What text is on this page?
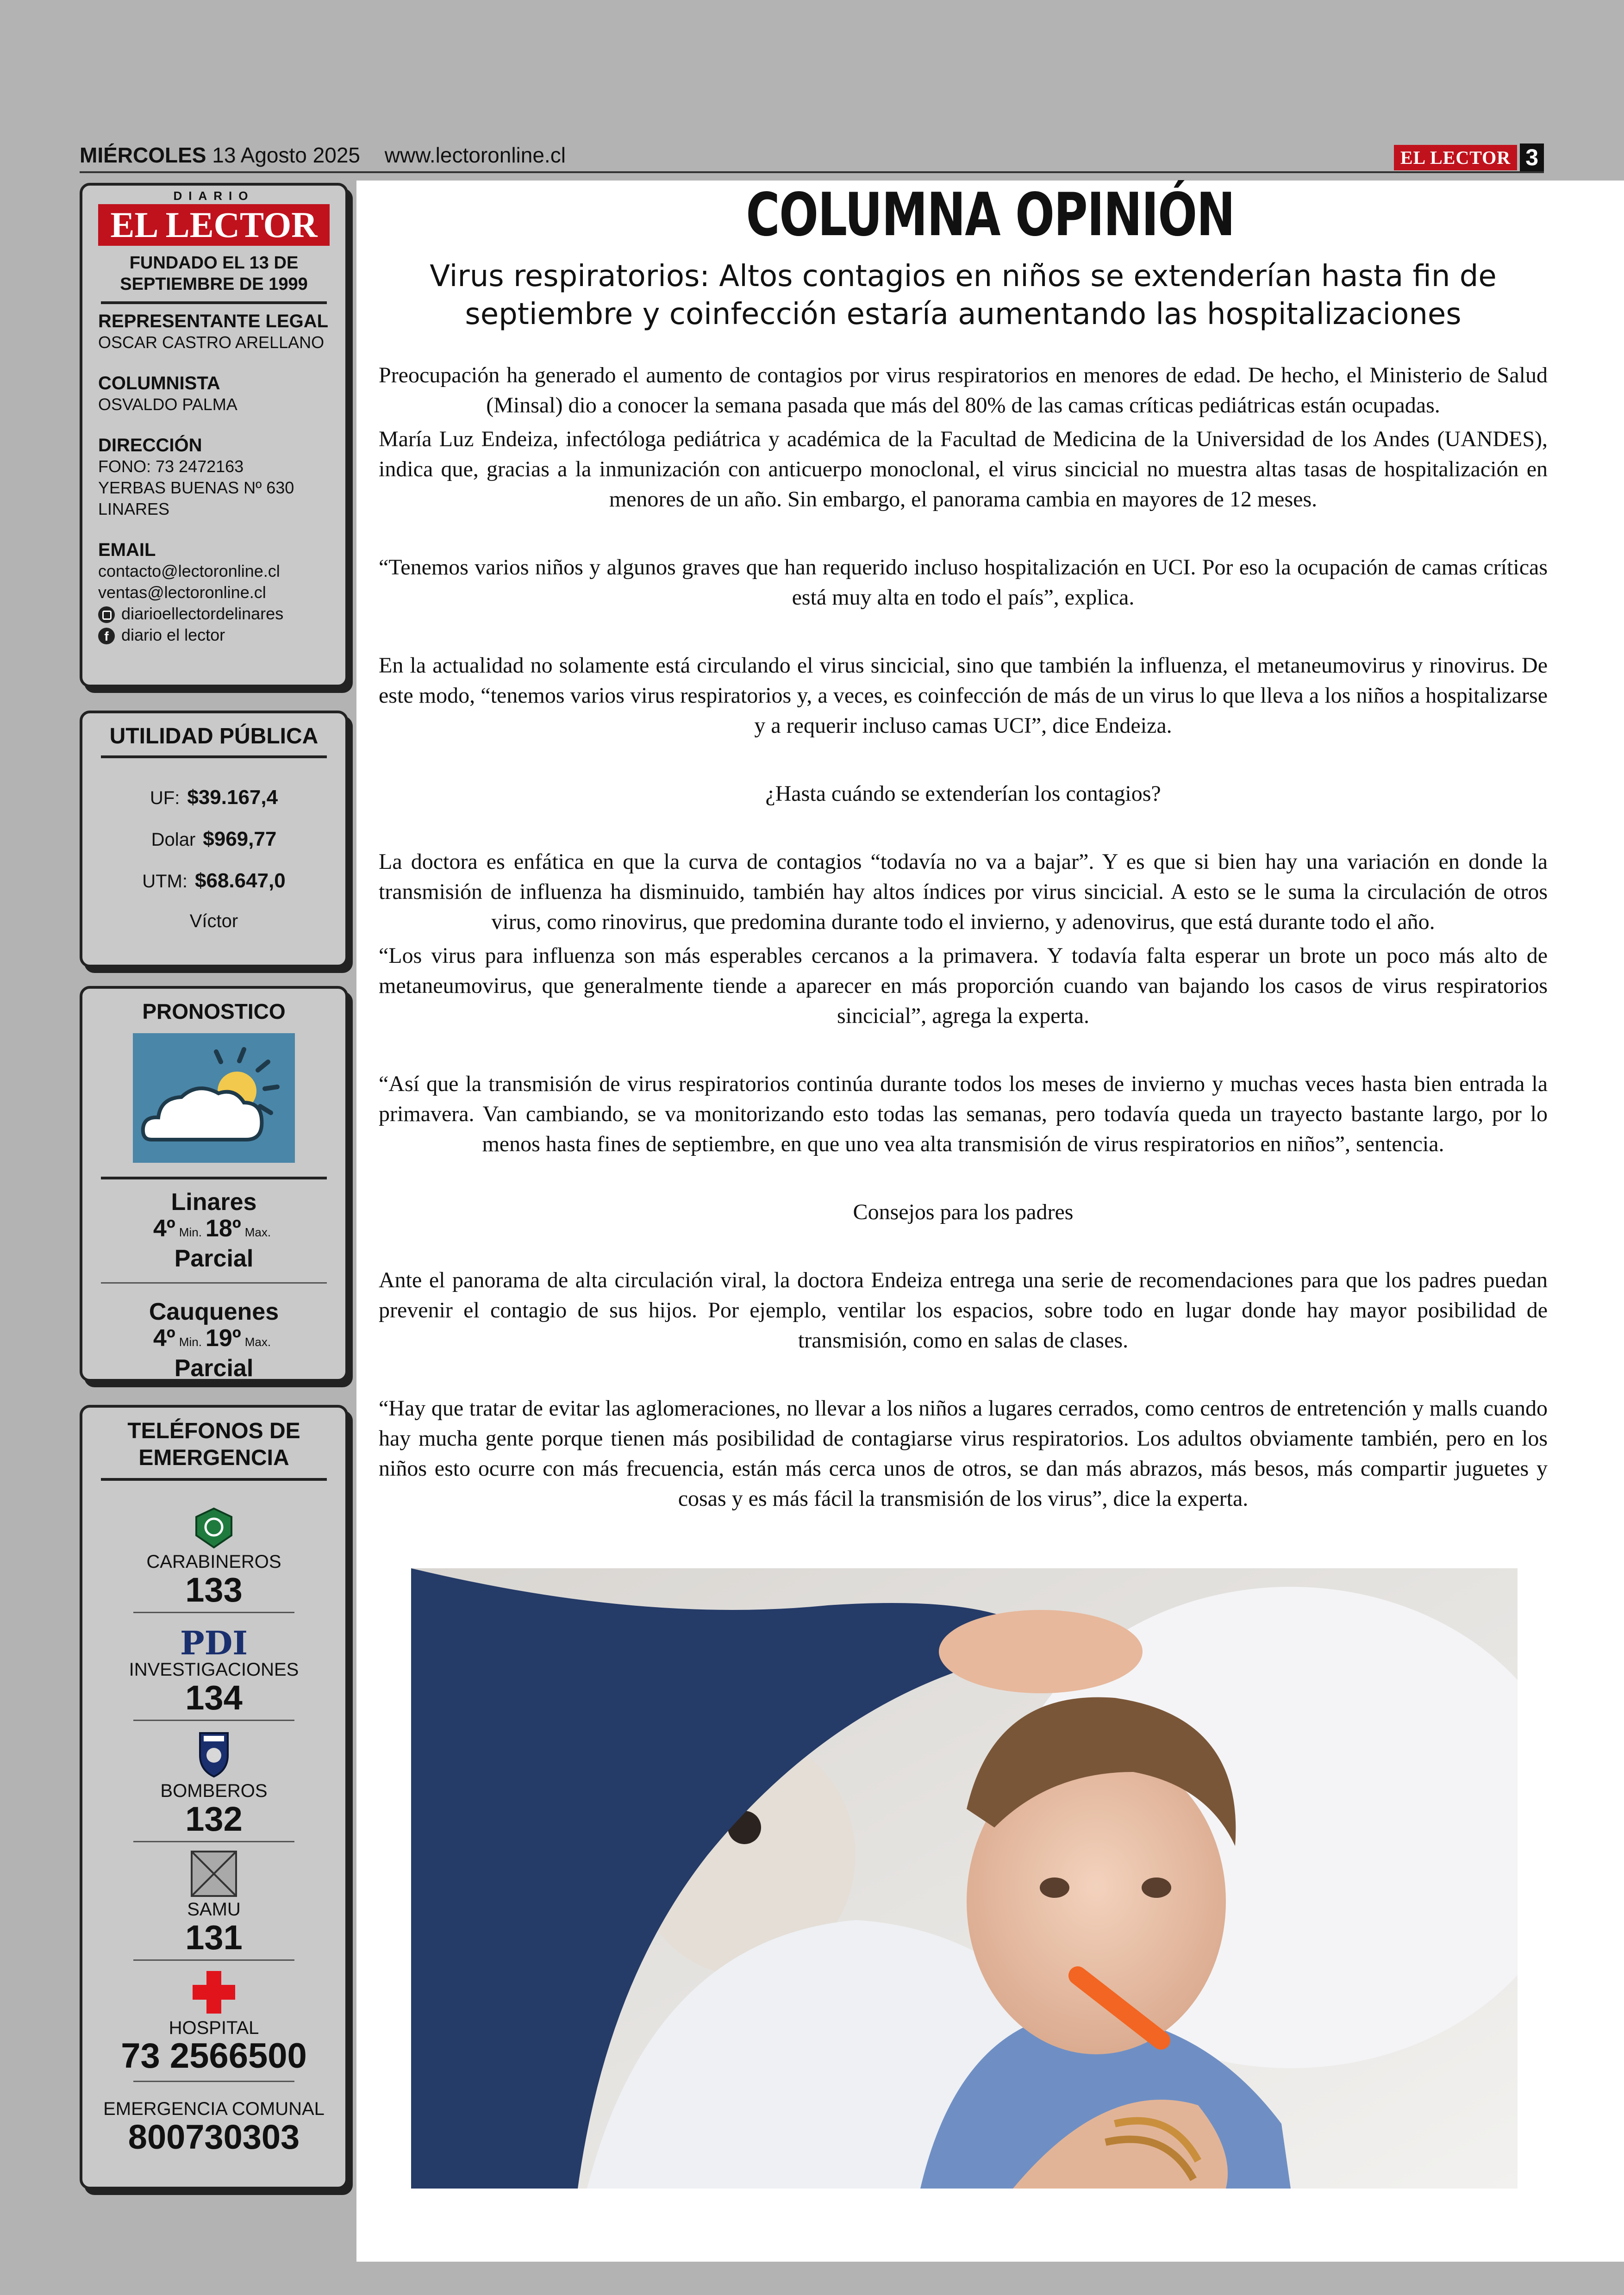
MIÉRCOLES 13 Agosto 2025 www.lectoronline.cl	EL LECTOR 3
DIARIO
EL LECTOR
FUNDADO EL 13 DE SEPTIEMBRE DE 1999
REPRESENTANTE LEGAL
OSCAR CASTRO ARELLANO
COLUMNISTA
OSVALDO PALMA
DIRECCIÓN
FONO: 73 2472163
YERBAS BUENAS Nº 630
LINARES
EMAIL
contacto@lectoronline.cl
ventas@lectoronline.cl
diarioellectordelinares
f diario el lector
UTILIDAD PÚBLICA
UF: $39.167,4
Dolar $969,77
UTM: $68.647,0
Víctor
PRONOSTICO
Linares
4º Min. 18º Max.
Parcial
Cauquenes
4º Min. 19º Max.
Parcial
TELÉFONOS DE EMERGENCIA
CARABINEROS
133
PDI
INVESTIGACIONES
134
BOMBEROS
132
SAMU
131
HOSPITAL
73 2566500
EMERGENCIA COMUNAL
800730303
COLUMNA OPINIÓN
Virus respiratorios: Altos contagios en niños se extenderían hasta fin de septiembre y coinfección estaría aumentando las hospitalizaciones

Preocupación ha generado el aumento de contagios por virus respiratorios en menores de edad. De hecho, el Ministerio de Salud (Minsal) dio a conocer la semana pasada que más del 80% de las camas críticas pediátricas están ocupadas.

María Luz Endeiza, infectóloga pediátrica y académica de la Facultad de Medicina de la Universidad de los Andes (UANDES), indica que, gracias a la inmunización con anticuerpo monoclonal, el virus sincicial no muestra altas tasas de hospitalización en menores de un año. Sin embargo, el panorama cambia en mayores de 12 meses.

“Tenemos varios niños y algunos graves que han requerido incluso hospitalización en UCI. Por eso la ocupación de camas críticas está muy alta en todo el país”, explica.

En la actualidad no solamente está circulando el virus sincicial, sino que también la influenza, el metaneumovirus y rinovirus. De este modo, “tenemos varios virus respiratorios y, a veces, es coinfección de más de un virus lo que lleva a los niños a hospitalizarse y a requerir incluso camas UCI”, dice Endeiza.

¿Hasta cuándo se extenderían los contagios?

La doctora es enfática en que la curva de contagios “todavía no va a bajar”. Y es que si bien hay una variación en donde la transmisión de influenza ha disminuido, también hay altos índices por virus sincicial. A esto se le suma la circulación de otros virus, como rinovirus, que predomina durante todo el invierno, y adenovirus, que está durante todo el año.

“Los virus para influenza son más esperables cercanos a la primavera. Y todavía falta esperar un brote un poco más alto de metaneumovirus, que generalmente tiende a aparecer en más proporción cuando van bajando los casos de virus respiratorios sincicial”, agrega la experta.

“Así que la transmisión de virus respiratorios continúa durante todos los meses de invierno y muchas veces hasta bien entrada la primavera. Van cambiando, se va monitorizando esto todas las semanas, pero todavía queda un trayecto bastante largo, por lo menos hasta fines de septiembre, en que uno vea alta transmisión de virus respiratorios en niños”, sentencia.

Consejos para los padres

Ante el panorama de alta circulación viral, la doctora Endeiza entrega una serie de recomendaciones para que los padres puedan prevenir el contagio de sus hijos. Por ejemplo, ventilar los espacios, sobre todo en lugar donde hay mayor posibilidad de transmisión, como en salas de clases.

“Hay que tratar de evitar las aglomeraciones, no llevar a los niños a lugares cerrados, como centros de entretención y malls cuando hay mucha gente porque tienen más posibilidad de contagiarse virus respiratorios. Los adultos obviamente también, pero en los niños esto ocurre con más frecuencia, están más cerca unos de otros, se dan más abrazos, más besos, más compartir juguetes y cosas y es más fácil la transmisión de los virus”, dice la experta.
